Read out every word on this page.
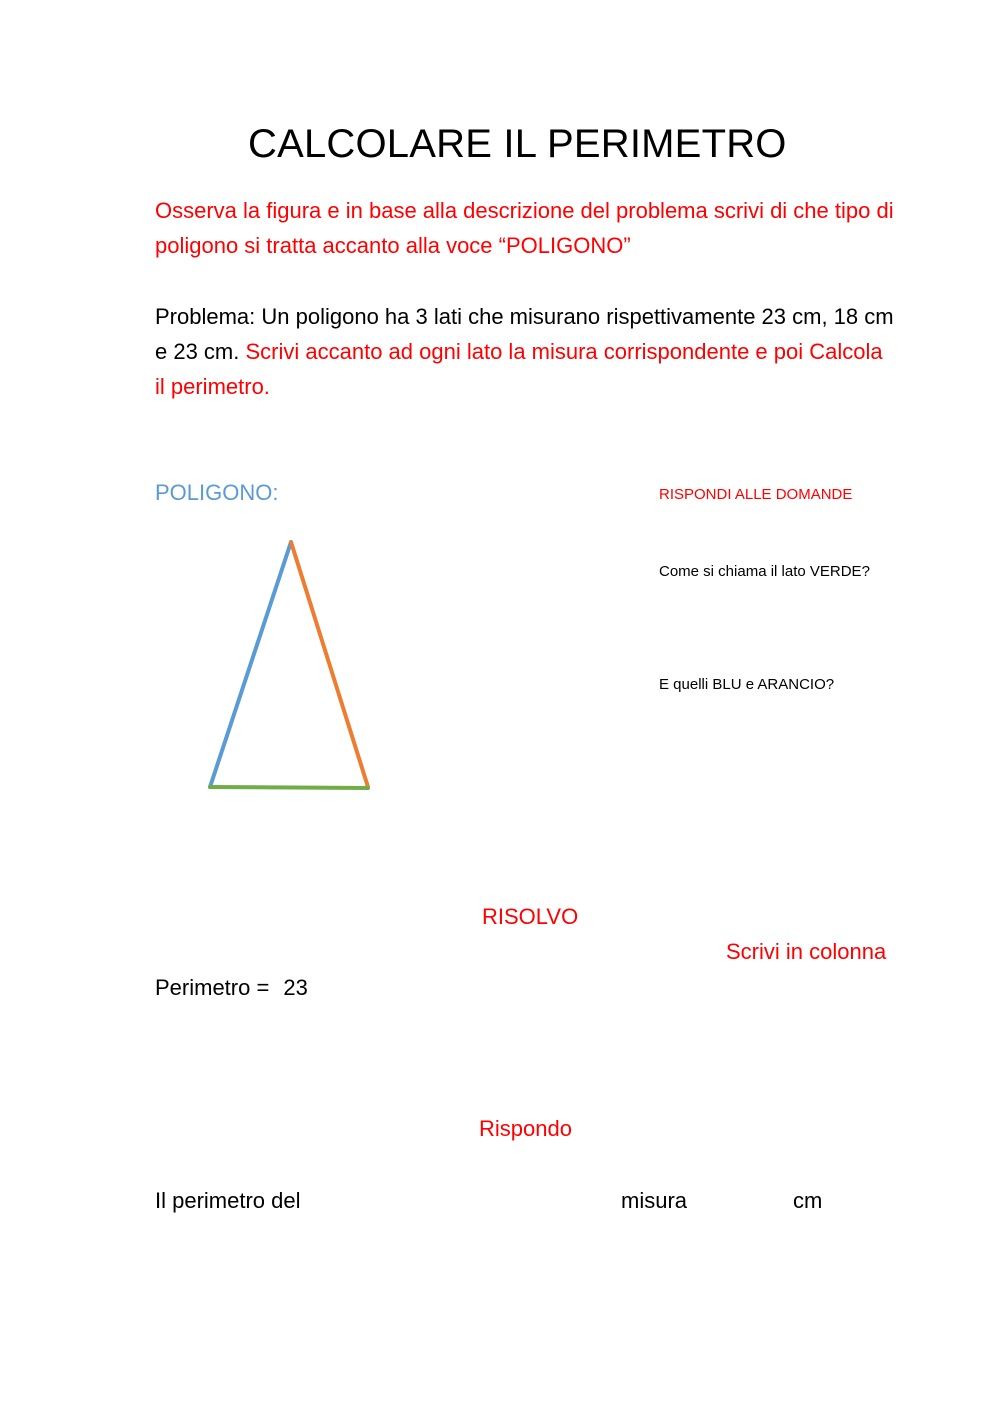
CALCOLARE IL PERIMETRO
Osserva la figura e in base alla descrizione del problema scrivi di che tipo di poligono si tratta accanto alla voce “POLIGONO”
Problema: Un poligono ha 3 lati che misurano rispettivamente 23 cm, 18 cm e 23 cm. Scrivi accanto ad ogni lato la misura corrispondente e poi Calcola il perimetro.
POLIGONO:	RISPONDI ALLE DOMANDE
Come si chiama il lato VERDE?
E quelli BLU e ARANCIO?
RISOLVO
Scrivi in colonna
Perimetro = 23
Rispondo
Il perimetro del	misura	cm
